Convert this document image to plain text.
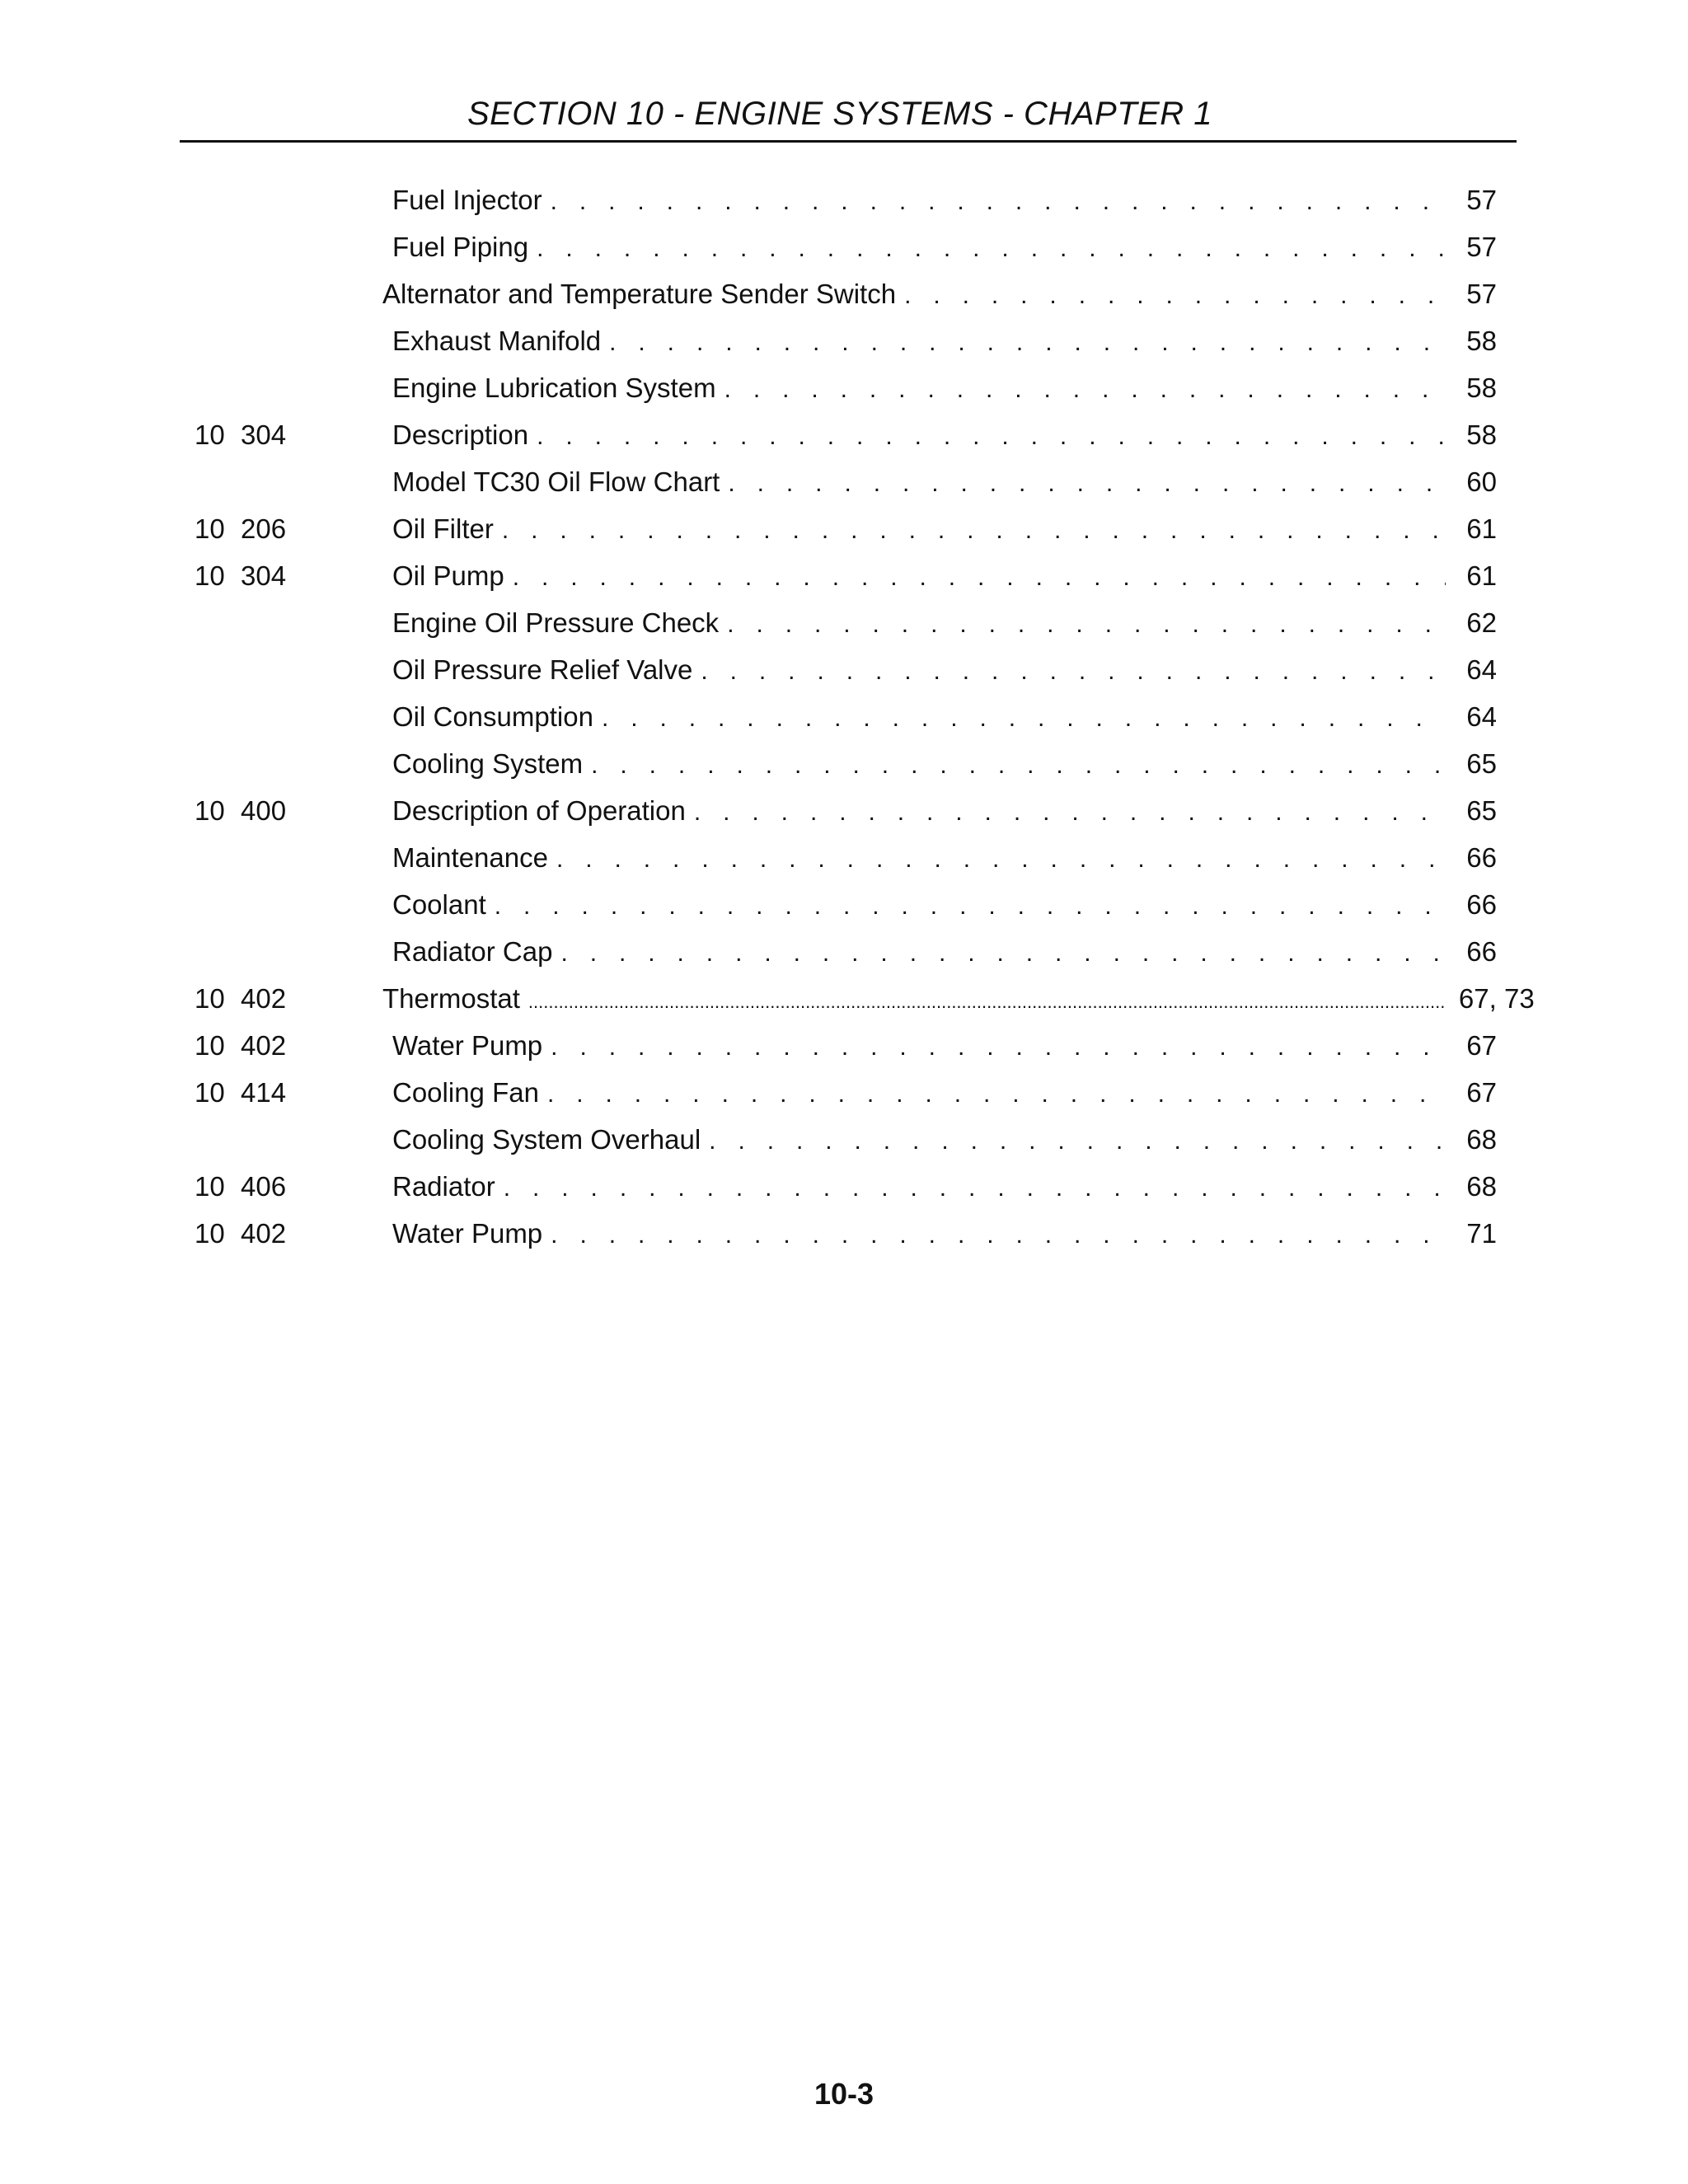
SECTION 10 - ENGINE SYSTEMS - CHAPTER 1
Fuel Injector . . .	57
Fuel Piping . . .	57
Alternator and Temperature Sender Switch . . .	57
Exhaust Manifold . . .	58
Engine Lubrication System . . .	58
10 304	Description . . .	58
Model TC30 Oil Flow Chart . . .	60
10 206	Oil Filter . . .	61
10 304	Oil Pump . . .	61
Engine Oil Pressure Check . . .	62
Oil Pressure Relief Valve . . .	64
Oil Consumption . . .	64
Cooling System . . .	65
10 400	Description of Operation . . .	65
Maintenance . . .	66
Coolant . . .	66
Radiator Cap . . .	66
10 402	Thermostat .....	67, 73
10 402	Water Pump . . .	67
10 414	Cooling Fan . . .	67
Cooling System Overhaul . . .	68
10 406	Radiator . . .	68
10 402	Water Pump . . .	71
10-3
